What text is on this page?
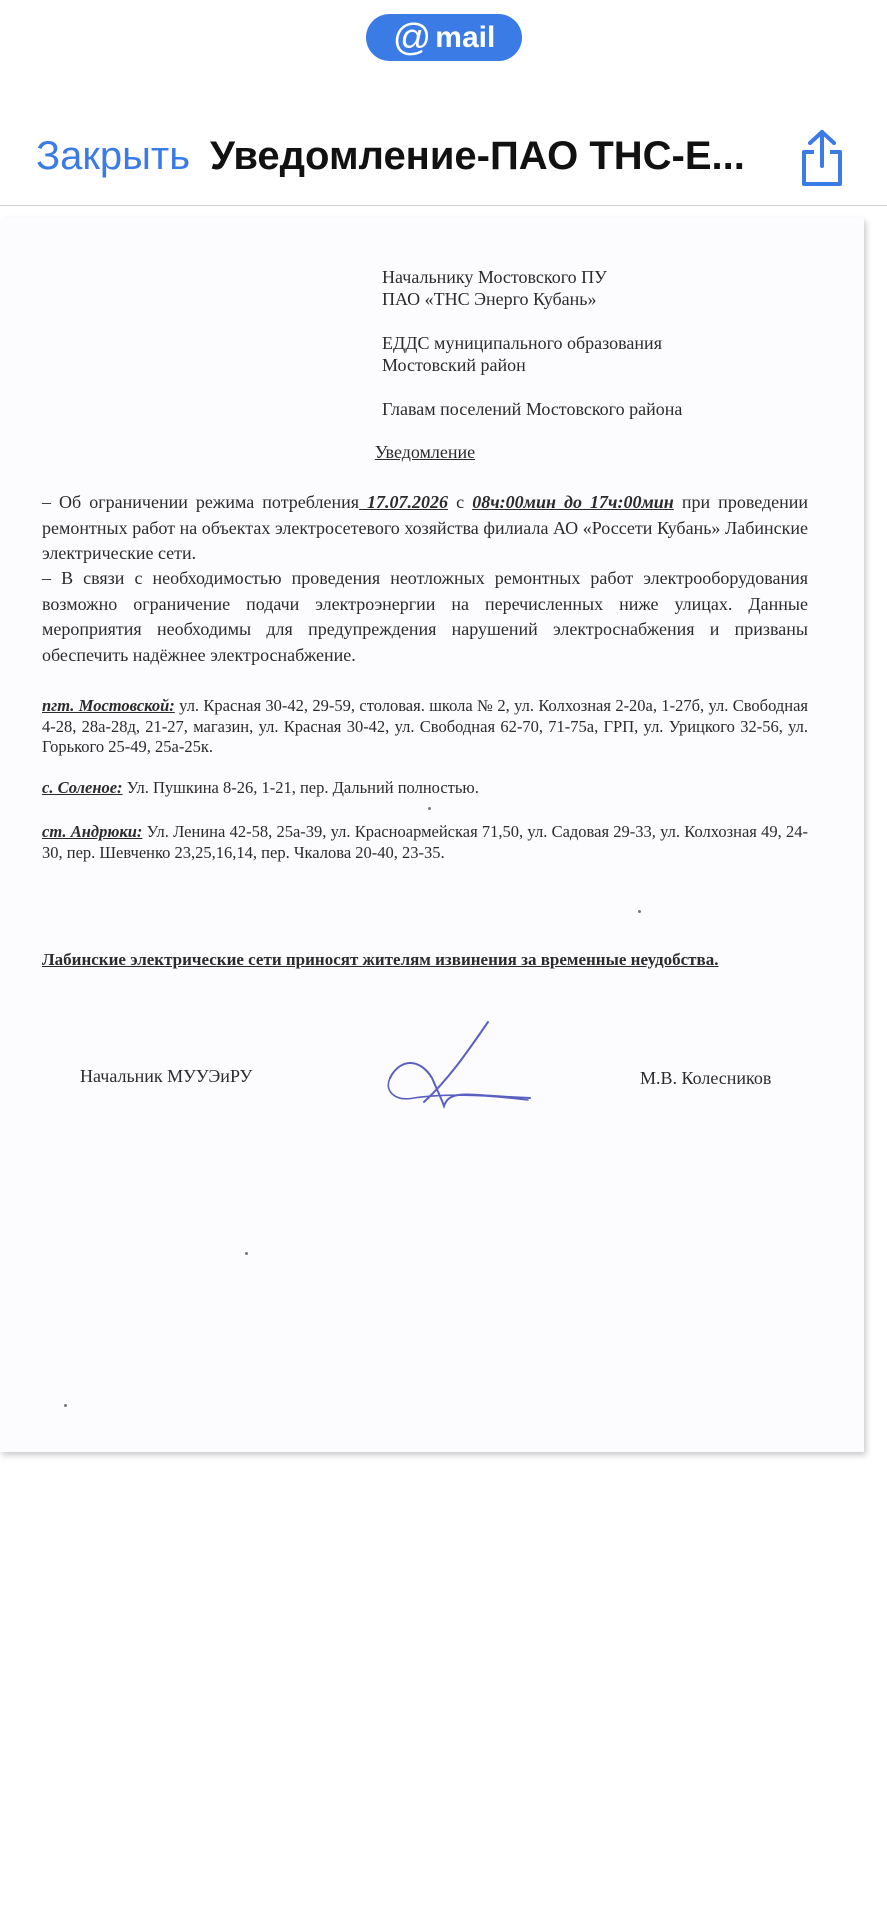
@ mail
Закрыть Уведомление-ПАО ТНС-Е...
Начальнику Мостовского ПУ
ПАО «ТНС Энерго Кубань»
ЕДДС муниципального образования
Мостовский район
Главам поселений Мостовского района
Уведомление
– Об ограничении режима потребления 17.07.2026 с 08ч:00мин до 17ч:00мин при проведении ремонтных работ на объектах электросетевого хозяйства филиала АО «Россети Кубань» Лабинские электрические сети.
– В связи с необходимостью проведения неотложных ремонтных работ электрооборудования возможно ограничение подачи электроэнергии на перечисленных ниже улицах. Данные мероприятия необходимы для предупреждения нарушений электроснабжения и призваны обеспечить надёжнее электроснабжение.
пгт. Мостовской: ул. Красная 30-42, 29-59, столовая. школа № 2, ул. Колхозная 2-20а, 1-27б, ул. Свободная 4-28, 28а-28д, 21-27, магазин, ул. Красная 30-42, ул. Свободная 62-70, 71-75а, ГРП, ул. Урицкого 32-56, ул. Горького 25-49, 25а-25к.
с. Соленое: Ул. Пушкина 8-26, 1-21, пер. Дальний полностью.
ст. Андрюки: Ул. Ленина 42-58, 25а-39, ул. Красноармейская 71,50, ул. Садовая 29-33, ул. Колхозная 49, 24-30, пер. Шевченко 23,25,16,14, пер. Чкалова 20-40, 23-35.
Лабинские электрические сети приносят жителям извинения за временные неудобства.
Начальник МУУЭиРУ	М.В. Колесников
